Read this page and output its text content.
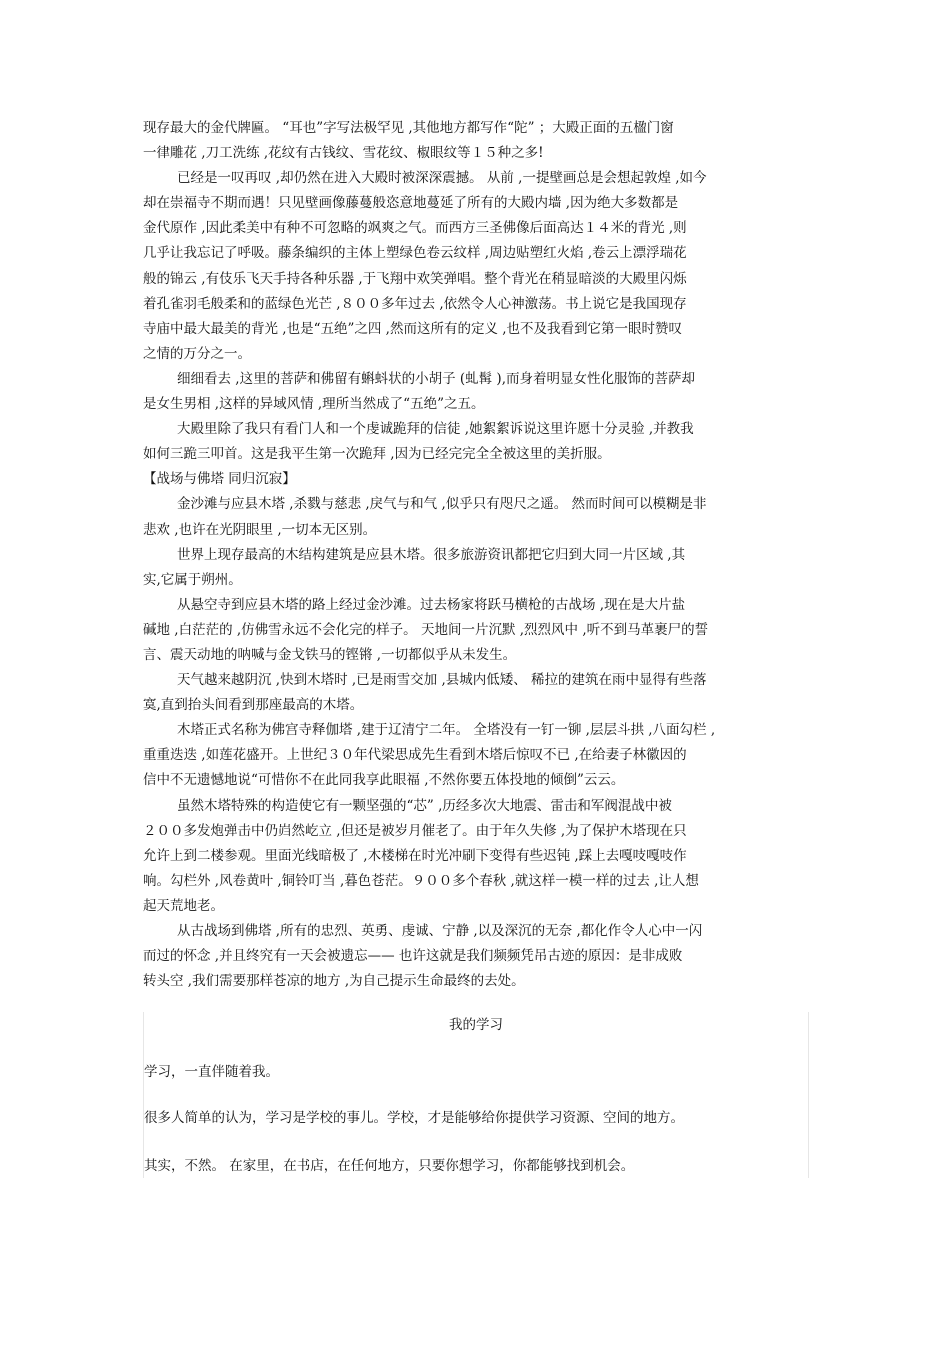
现存最大的金代牌匾。 “耳也”字写法极罕见 ,其他地方都写作“陀” ；大殿正面的五楹门窗
一律雕花 ,刀工洗练 ,花纹有古钱纹、雪花纹、椒眼纹等１５种之多!
已经是一叹再叹 ,却仍然在进入大殿时被深深震撼。 从前 ,一提壁画总是会想起敦煌 ,如今
却在崇福寺不期而遇！只见壁画像藤蔓般恣意地蔓延了所有的大殿内墙 ,因为绝大多数都是
金代原作 ,因此柔美中有种不可忽略的飒爽之气。而西方三圣佛像后面高达１４米的背光 ,则
几乎让我忘记了呼吸。藤条编织的主体上塑绿色卷云纹样 ,周边贴塑红火焰 ,卷云上漂浮瑞花
般的锦云 ,有伎乐飞天手持各种乐器 ,于飞翔中欢笑弹唱。整个背光在稍显暗淡的大殿里闪烁
着孔雀羽毛般柔和的蓝绿色光芒 ,８００多年过去 ,依然令人心神激荡。书上说它是我国现存
寺庙中最大最美的背光 ,也是“五绝”之四 ,然而这所有的定义 ,也不及我看到它第一眼时赞叹
之情的万分之一。
细细看去 ,这里的菩萨和佛留有蝌蚪状的小胡子 (虬髯 ),而身着明显女性化服饰的菩萨却
是女生男相 ,这样的异域风情 ,理所当然成了“五绝”之五。
大殿里除了我只有看门人和一个虔诚跪拜的信徒 ,她絮絮诉说这里许愿十分灵验 ,并教我
如何三跪三叩首。这是我平生第一次跪拜 ,因为已经完完全全被这里的美折服。
【战场与佛塔 同归沉寂】
金沙滩与应县木塔 ,杀戮与慈悲 ,戾气与和气 ,似乎只有咫尺之遥。 然而时间可以模糊是非
悲欢 ,也许在光阴眼里 ,一切本无区别。
世界上现存最高的木结构建筑是应县木塔。很多旅游资讯都把它归到大同一片区域 ,其
实,它属于朔州。
从悬空寺到应县木塔的路上经过金沙滩。过去杨家将跃马横枪的古战场 ,现在是大片盐
碱地 ,白茫茫的 ,仿佛雪永远不会化完的样子。 天地间一片沉默 ,烈烈风中 ,听不到马革裹尸的誓
言、震天动地的呐喊与金戈铁马的铿锵 ,一切都似乎从未发生。
天气越来越阴沉 ,快到木塔时 ,已是雨雪交加 ,县城内低矮、 稀拉的建筑在雨中显得有些落
寞,直到抬头间看到那座最高的木塔。
木塔正式名称为佛宫寺释伽塔 ,建于辽清宁二年。 全塔没有一钉一铆 ,层层斗拱 ,八面勾栏 ,
重重迭迭 ,如莲花盛开。上世纪３０年代梁思成先生看到木塔后惊叹不已 ,在给妻子林徽因的
信中不无遗憾地说“可惜你不在此同我享此眼福 ,不然你要五体投地的倾倒”云云。
虽然木塔特殊的构造使它有一颗坚强的“芯” ,历经多次大地震、雷击和军阀混战中被
２００多发炮弹击中仍岿然屹立 ,但还是被岁月催老了。由于年久失修 ,为了保护木塔现在只
允许上到二楼参观。里面光线暗极了 ,木楼梯在时光冲刷下变得有些迟钝 ,踩上去嘎吱嘎吱作
响。勾栏外 ,风卷黄叶 ,铜铃叮当 ,暮色苍茫。９００多个春秋 ,就这样一模一样的过去 ,让人想
起天荒地老。
从古战场到佛塔 ,所有的忠烈、英勇、虔诚、宁静 ,以及深沉的无奈 ,都化作令人心中一闪
而过的怀念 ,并且终究有一天会被遗忘—— 也许这就是我们频频凭吊古迹的原因：是非成败
转头空 ,我们需要那样苍凉的地方 ,为自己提示生命最终的去处。
我的学习
学习，一直伴随着我。
很多人简单的认为，学习是学校的事儿。学校，才是能够给你提供学习资源、空间的地方。
其实，不然。 在家里，在书店，在任何地方，只要你想学习，你都能够找到机会。
